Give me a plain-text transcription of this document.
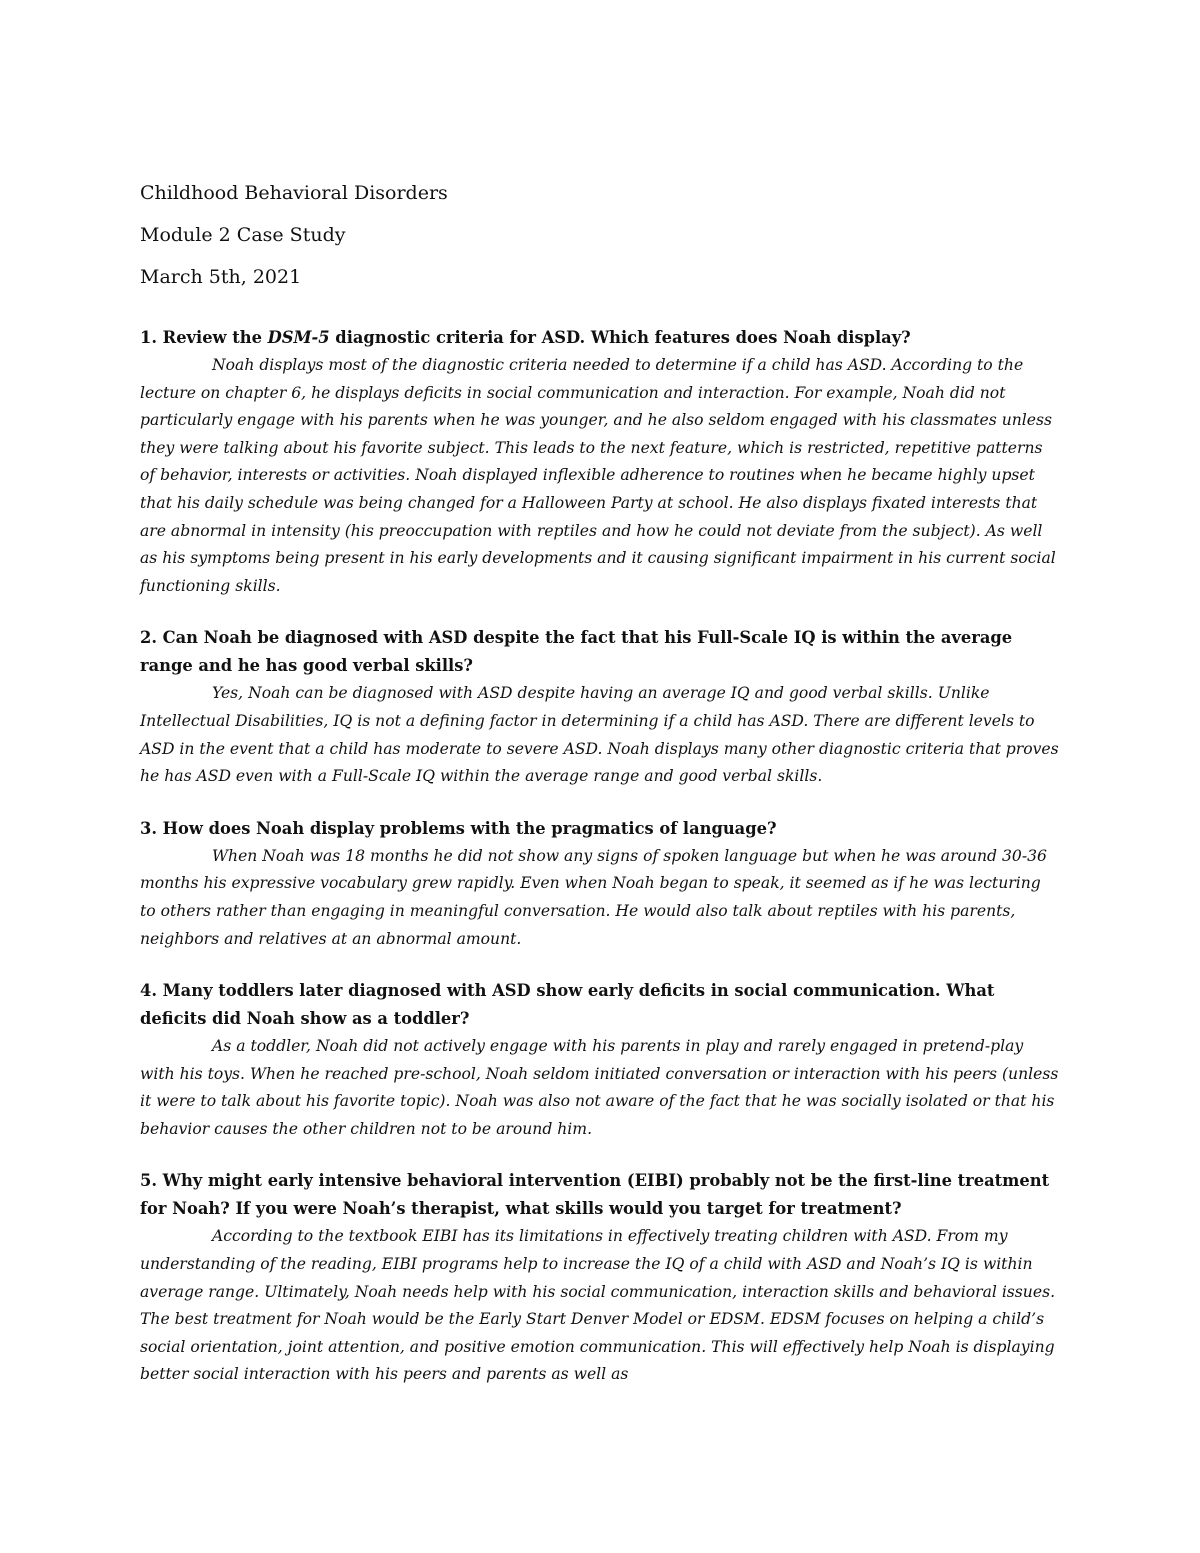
Childhood Behavioral Disorders
Module 2 Case Study
March 5th, 2021

1. Review the DSM-5 diagnostic criteria for ASD. Which features does Noah display?

Noah displays most of the diagnostic criteria needed to determine if a child has ASD. According to the lecture on chapter 6, he displays deficits in social communication and interaction. For example, Noah did not particularly engage with his parents when he was younger, and he also seldom engaged with his classmates unless they were talking about his favorite subject. This leads to the next feature, which is restricted, repetitive patterns of behavior, interests or activities. Noah displayed inflexible adherence to routines when he became highly upset that his daily schedule was being changed for a Halloween Party at school. He also displays fixated interests that are abnormal in intensity (his preoccupation with reptiles and how he could not deviate from the subject). As well as his symptoms being present in his early developments and it causing significant impairment in his current social functioning skills.

2. Can Noah be diagnosed with ASD despite the fact that his Full-Scale IQ is within the average range and he has good verbal skills?

Yes, Noah can be diagnosed with ASD despite having an average IQ and good verbal skills. Unlike Intellectual Disabilities, IQ is not a defining factor in determining if a child has ASD. There are different levels to ASD in the event that a child has moderate to severe ASD. Noah displays many other diagnostic criteria that proves he has ASD even with a Full-Scale IQ within the average range and good verbal skills.

3. How does Noah display problems with the pragmatics of language?

When Noah was 18 months he did not show any signs of spoken language but when he was around 30-36 months his expressive vocabulary grew rapidly. Even when Noah began to speak, it seemed as if he was lecturing to others rather than engaging in meaningful conversation. He would also talk about reptiles with his parents, neighbors and relatives at an abnormal amount.

4. Many toddlers later diagnosed with ASD show early deficits in social communication. What deficits did Noah show as a toddler?

As a toddler, Noah did not actively engage with his parents in play and rarely engaged in pretend-play with his toys. When he reached pre-school, Noah seldom initiated conversation or interaction with his peers (unless it were to talk about his favorite topic). Noah was also not aware of the fact that he was socially isolated or that his behavior causes the other children not to be around him.

5. Why might early intensive behavioral intervention (EIBI) probably not be the first-line treatment for Noah? If you were Noah’s therapist, what skills would you target for treatment?

According to the textbook EIBI has its limitations in effectively treating children with ASD. From my understanding of the reading, EIBI programs help to increase the IQ of a child with ASD and Noah’s IQ is within average range. Ultimately, Noah needs help with his social communication, interaction skills and behavioral issues. The best treatment for Noah would be the Early Start Denver Model or EDSM. EDSM focuses on helping a child’s social orientation, joint attention, and positive emotion communication. This will effectively help Noah is displaying better social interaction with his peers and parents as well as
